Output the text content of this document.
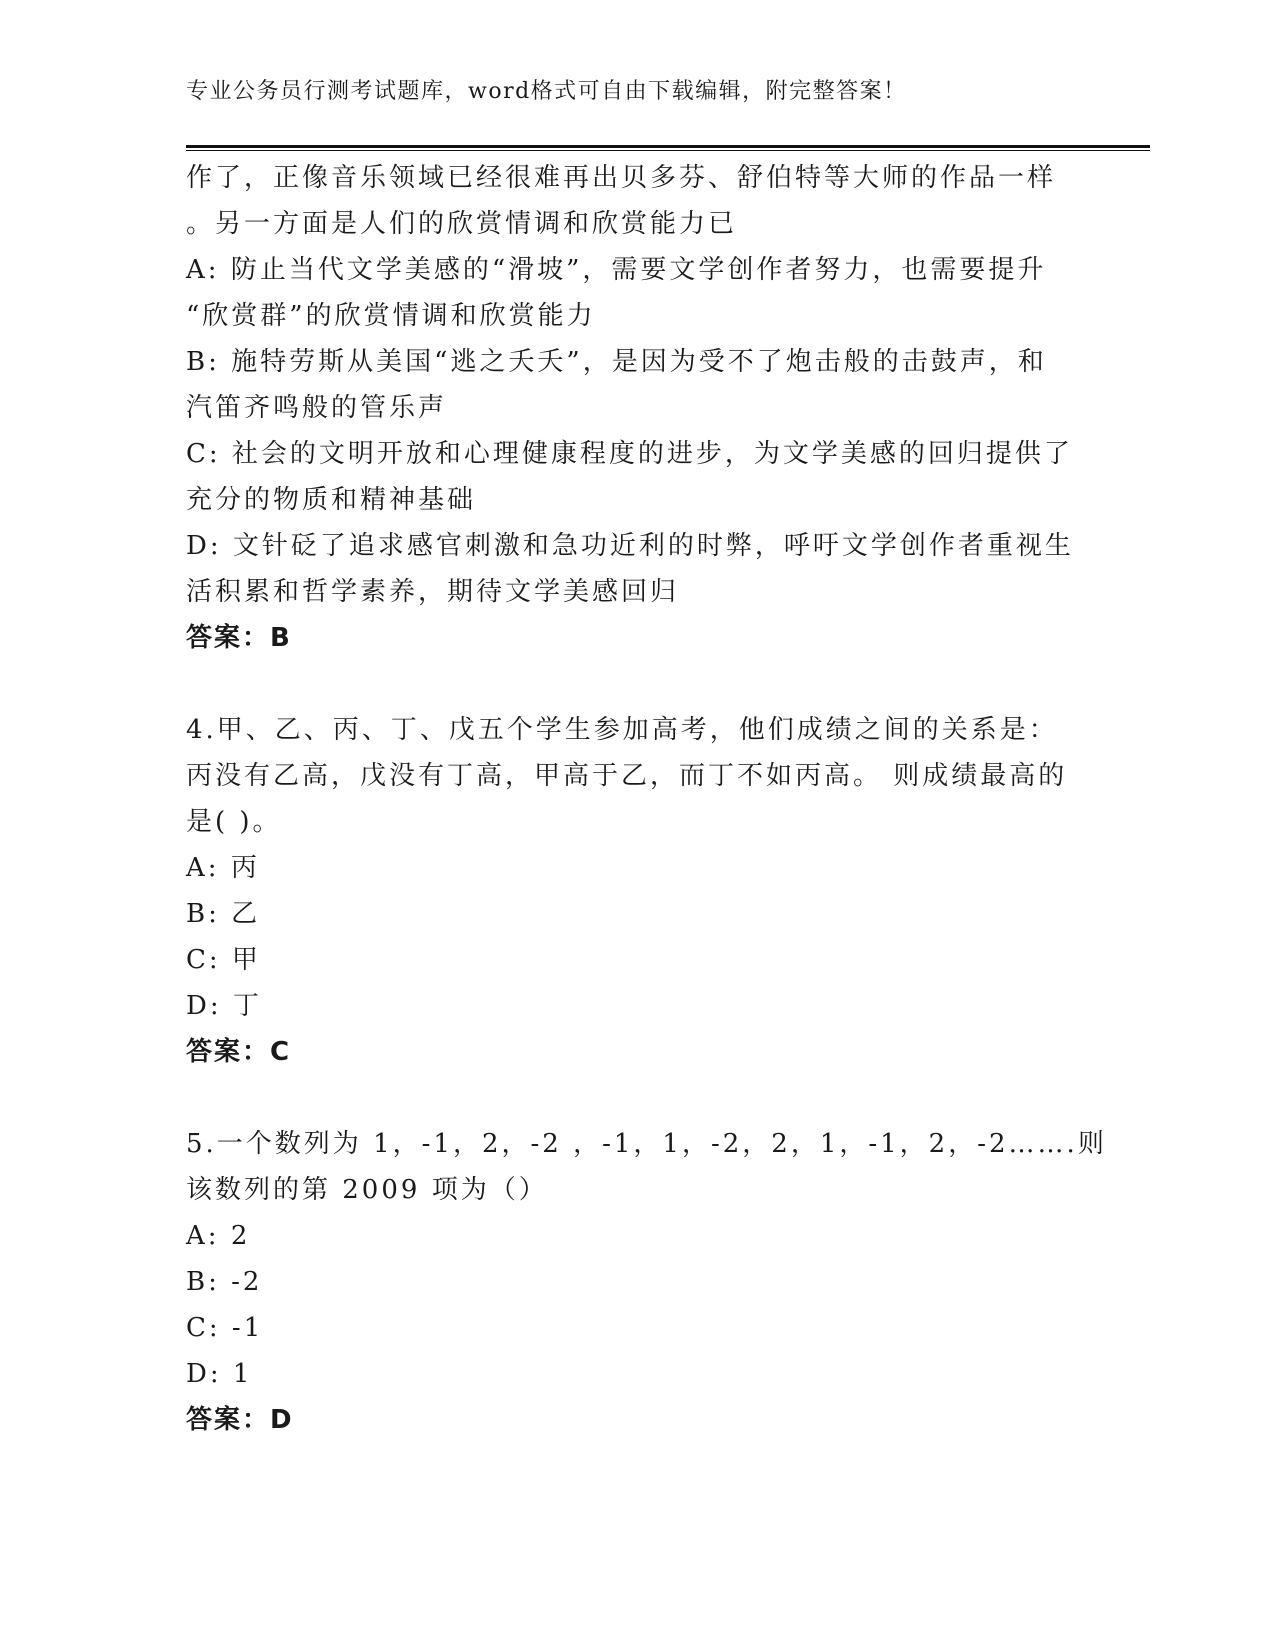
专业公务员行测考试题库，word格式可自由下载编辑，附完整答案！
作了，正像音乐领域已经很难再出贝多芬、舒伯特等大师的作品一样
。另一方面是人们的欣赏情调和欣赏能力已
A: 防止当代文学美感的“滑坡”，需要文学创作者努力，也需要提升
“欣赏群”的欣赏情调和欣赏能力
B: 施特劳斯从美国“逃之夭夭”，是因为受不了炮击般的击鼓声，和
汽笛齐鸣般的管乐声
C: 社会的文明开放和心理健康程度的进步，为文学美感的回归提供了
充分的物质和精神基础
D: 文针砭了追求感官刺激和急功近利的时弊，呼吁文学创作者重视生
活积累和哲学素养，期待文学美感回归
答案：B
4.甲、乙、丙、丁、戊五个学生参加高考，他们成绩之间的关系是：
丙没有乙高，戊没有丁高，甲高于乙，而丁不如丙高。 则成绩最高的
是( )。
A: 丙
B: 乙
C: 甲
D: 丁
答案：C
5.一个数列为 1，-1，2，-2 ，-1，1，-2，2，1，-1，2，-2…….则
该数列的第 2009 项为（）
A: 2
B: -2
C: -1
D: 1
答案：D
